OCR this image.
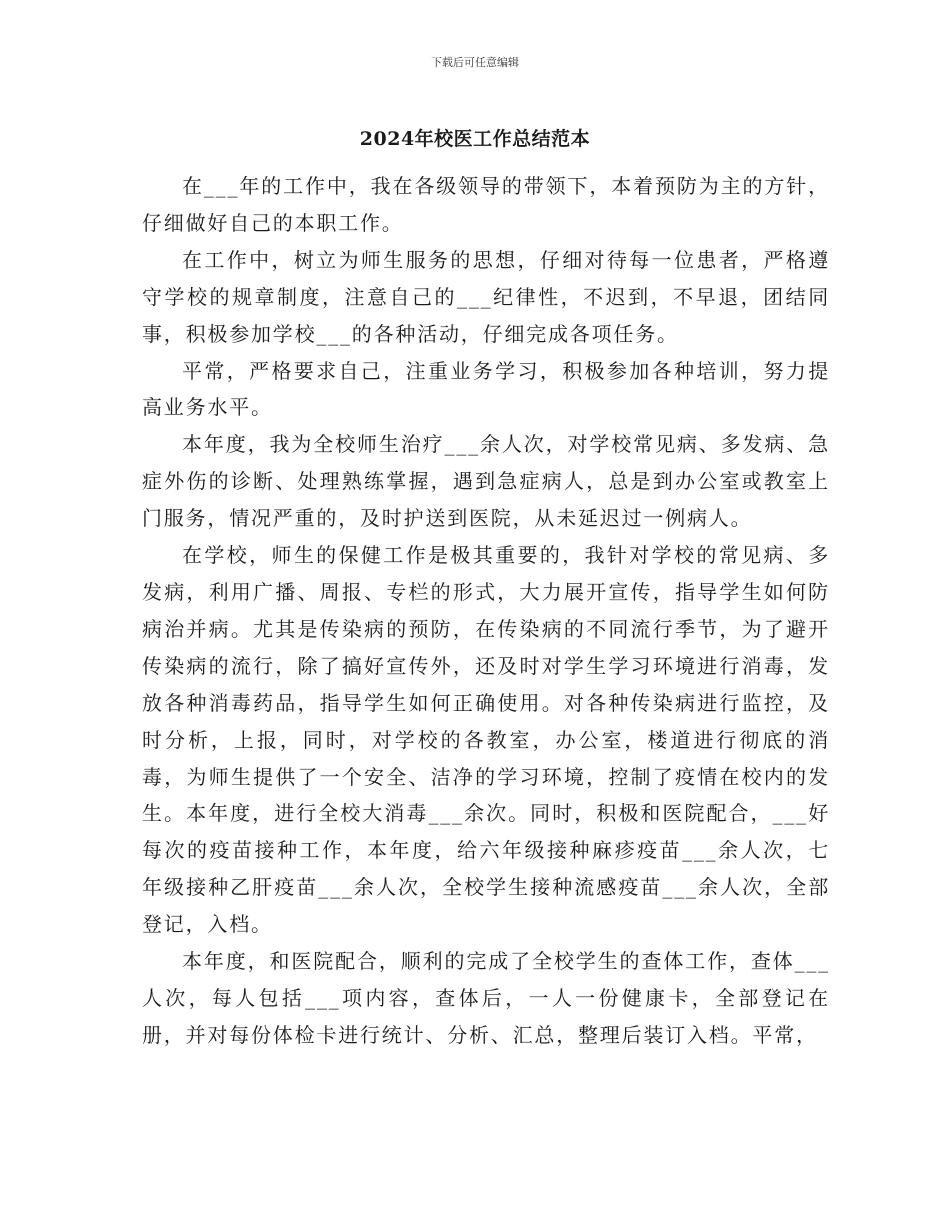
下载后可任意编辑
2024年校医工作总结范本

在___年的工作中，我在各级领导的带领下，本着预防为主的方针，仔细做好自己的本职工作。

在工作中，树立为师生服务的思想，仔细对待每一位患者，严格遵守学校的规章制度，注意自己的___纪律性，不迟到，不早退，团结同事，积极参加学校___的各种活动，仔细完成各项任务。

平常，严格要求自己，注重业务学习，积极参加各种培训，努力提高业务水平。

本年度，我为全校师生治疗___余人次，对学校常见病、多发病、急症外伤的诊断、处理熟练掌握，遇到急症病人，总是到办公室或教室上门服务，情况严重的，及时护送到医院，从未延迟过一例病人。

在学校，师生的保健工作是极其重要的，我针对学校的常见病、多发病，利用广播、周报、专栏的形式，大力展开宣传，指导学生如何防病治并病。尤其是传染病的预防，在传染病的不同流行季节，为了避开传染病的流行，除了搞好宣传外，还及时对学生学习环境进行消毒，发放各种消毒药品，指导学生如何正确使用。对各种传染病进行监控，及时分析，上报，同时，对学校的各教室，办公室，楼道进行彻底的消毒，为师生提供了一个安全、洁净的学习环境，控制了疫情在校内的发生。本年度，进行全校大消毒___余次。同时，积极和医院配合，___好每次的疫苗接种工作，本年度，给六年级接种麻疹疫苗___余人次，七年级接种乙肝疫苗___余人次，全校学生接种流感疫苗___余人次，全部登记，入档。

本年度，和医院配合，顺利的完成了全校学生的查体工作，查体___人次，每人包括___项内容，查体后，一人一份健康卡，全部登记在册，并对每份体检卡进行统计、分析、汇总，整理后装订入档。平常，
